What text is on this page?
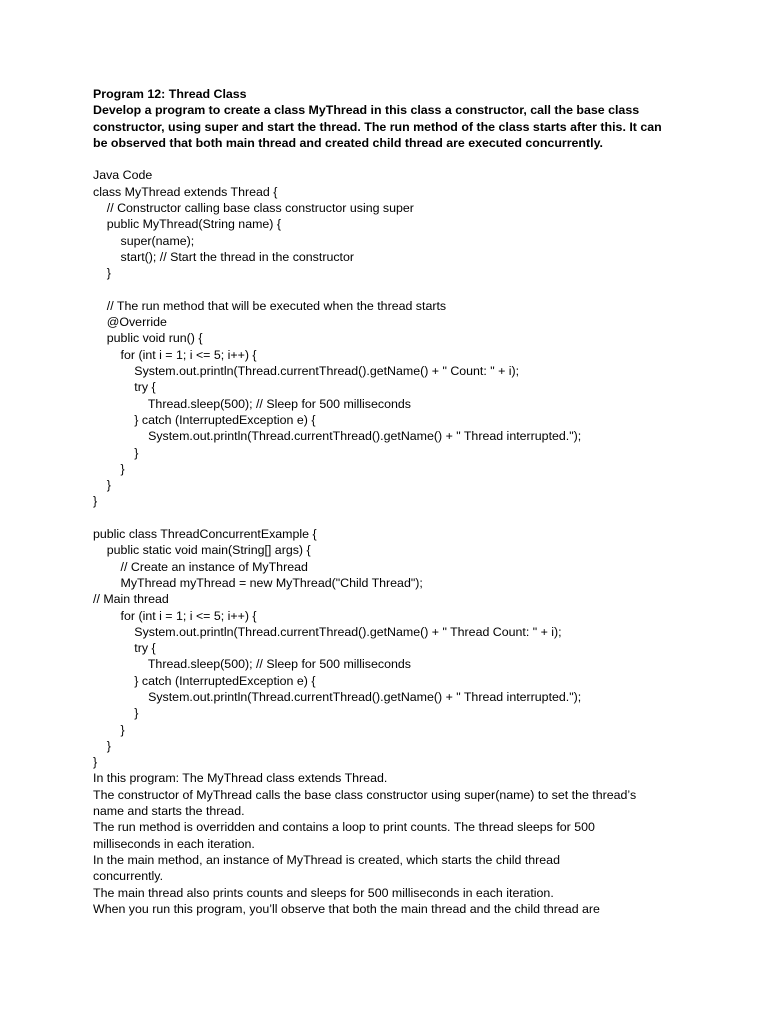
Program 12: Thread Class
Develop a program to create a class MyThread in this class a constructor, call the base class
constructor, using super and start the thread. The run method of the class starts after this. It can
be observed that both main thread and created child thread are executed concurrently.
Java Code
class MyThread extends Thread {
// Constructor calling base class constructor using super
public MyThread(String name) {
super(name);
start(); // Start the thread in the constructor
}
// The run method that will be executed when the thread starts
@Override
public void run() {
for (int i = 1; i <= 5; i++) {
System.out.println(Thread.currentThread().getName() + " Count: " + i);
try {
Thread.sleep(500); // Sleep for 500 milliseconds
} catch (InterruptedException e) {
System.out.println(Thread.currentThread().getName() + " Thread interrupted.");
}
}
}
}
public class ThreadConcurrentExample {
public static void main(String[] args) {
// Create an instance of MyThread
MyThread myThread = new MyThread("Child Thread");
// Main thread
for (int i = 1; i <= 5; i++) {
System.out.println(Thread.currentThread().getName() + " Thread Count: " + i);
try {
Thread.sleep(500); // Sleep for 500 milliseconds
} catch (InterruptedException e) {
System.out.println(Thread.currentThread().getName() + " Thread interrupted.");
}
}
}
}
In this program: The MyThread class extends Thread.
The constructor of MyThread calls the base class constructor using super(name) to set the thread’s
name and starts the thread.
The run method is overridden and contains a loop to print counts. The thread sleeps for 500
milliseconds in each iteration.
In the main method, an instance of MyThread is created, which starts the child thread
concurrently.
The main thread also prints counts and sleeps for 500 milliseconds in each iteration.
When you run this program, you’ll observe that both the main thread and the child thread are
